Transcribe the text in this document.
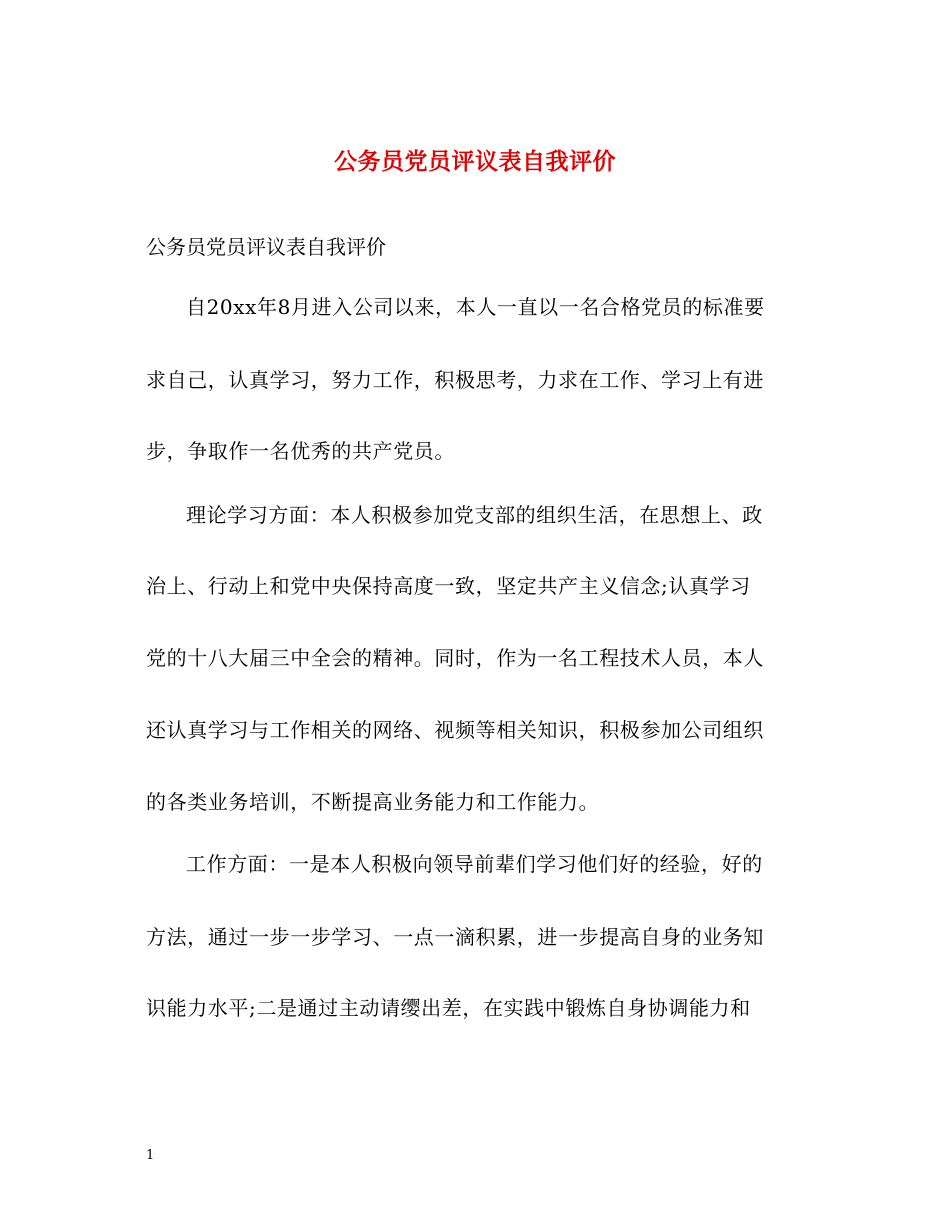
公务员党员评议表自我评价
公务员党员评议表自我评价
自20xx年8月进入公司以来，本人一直以一名合格党员的标准要
求自己，认真学习，努力工作，积极思考，力求在工作、学习上有进
步，争取作一名优秀的共产党员。
理论学习方面：本人积极参加党支部的组织生活，在思想上、政
治上、行动上和党中央保持高度一致，坚定共产主义信念;认真学习
党的十八大届三中全会的精神。同时，作为一名工程技术人员，本人
还认真学习与工作相关的网络、视频等相关知识，积极参加公司组织
的各类业务培训，不断提高业务能力和工作能力。
工作方面：一是本人积极向领导前辈们学习他们好的经验，好的
方法，通过一步一步学习、一点一滴积累，进一步提高自身的业务知
识能力水平;二是通过主动请缨出差，在实践中锻炼自身协调能力和
1
